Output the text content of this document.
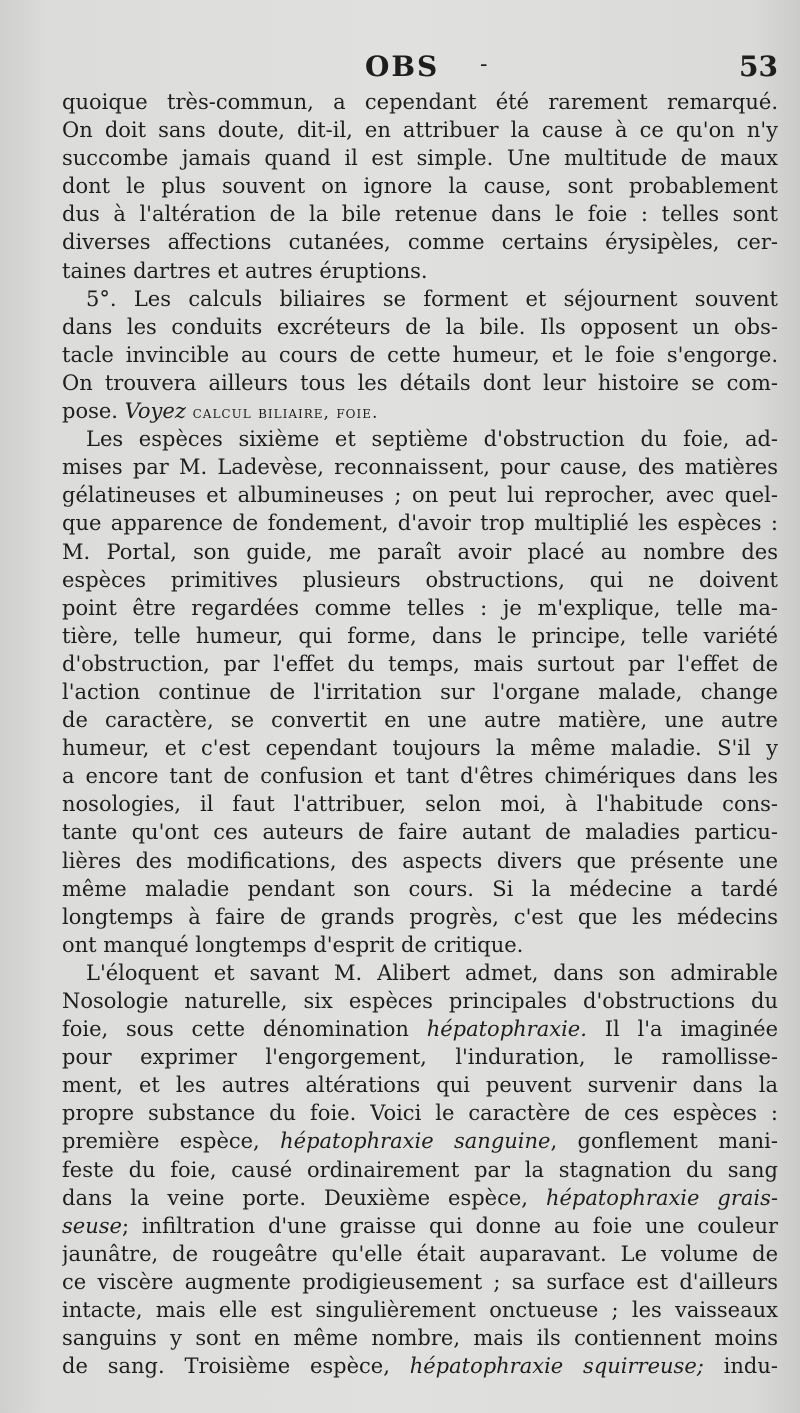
OBS -	53
quoique très-commun, a cependant été rarement remarqué.
On doit sans doute, dit-il, en attribuer la cause à ce qu'on n'y
succombe jamais quand il est simple. Une multitude de maux
dont le plus souvent on ignore la cause, sont probablement
dus à l'altération de la bile retenue dans le foie : telles sont
diverses affections cutanées, comme certains érysipèles, cer-
taines dartres et autres éruptions.
5°. Les calculs biliaires se forment et séjournent souvent
dans les conduits excréteurs de la bile. Ils opposent un obs-
tacle invincible au cours de cette humeur, et le foie s'engorge.
On trouvera ailleurs tous les détails dont leur histoire se com-
pose. Voyez calcul biliaire, foie.
Les espèces sixième et septième d'obstruction du foie, ad-
mises par M. Ladevèse, reconnaissent, pour cause, des matières
gélatineuses et albumineuses ; on peut lui reprocher, avec quel-
que apparence de fondement, d'avoir trop multiplié les espèces :
M. Portal, son guide, me paraît avoir placé au nombre des
espèces primitives plusieurs obstructions, qui ne doivent
point être regardées comme telles : je m'explique, telle ma-
tière, telle humeur, qui forme, dans le principe, telle variété
d'obstruction, par l'effet du temps, mais surtout par l'effet de
l'action continue de l'irritation sur l'organe malade, change
de caractère, se convertit en une autre matière, une autre
humeur, et c'est cependant toujours la même maladie. S'il y
a encore tant de confusion et tant d'êtres chimériques dans les
nosologies, il faut l'attribuer, selon moi, à l'habitude cons-
tante qu'ont ces auteurs de faire autant de maladies particu-
lières des modifications, des aspects divers que présente une
même maladie pendant son cours. Si la médecine a tardé
longtemps à faire de grands progrès, c'est que les médecins
ont manqué longtemps d'esprit de critique.
L'éloquent et savant M. Alibert admet, dans son admirable
Nosologie naturelle, six espèces principales d'obstructions du
foie, sous cette dénomination hépatophraxie. Il l'a imaginée
pour exprimer l'engorgement, l'induration, le ramollisse-
ment, et les autres altérations qui peuvent survenir dans la
propre substance du foie. Voici le caractère de ces espèces :
première espèce, hépatophraxie sanguine, gonflement mani-
feste du foie, causé ordinairement par la stagnation du sang
dans la veine porte. Deuxième espèce, hépatophraxie grais-
seuse; infiltration d'une graisse qui donne au foie une couleur
jaunâtre, de rougeâtre qu'elle était auparavant. Le volume de
ce viscère augmente prodigieusement ; sa surface est d'ailleurs
intacte, mais elle est singulièrement onctueuse ; les vaisseaux
sanguins y sont en même nombre, mais ils contiennent moins
de sang. Troisième espèce, hépatophraxie squirreuse; indu-
